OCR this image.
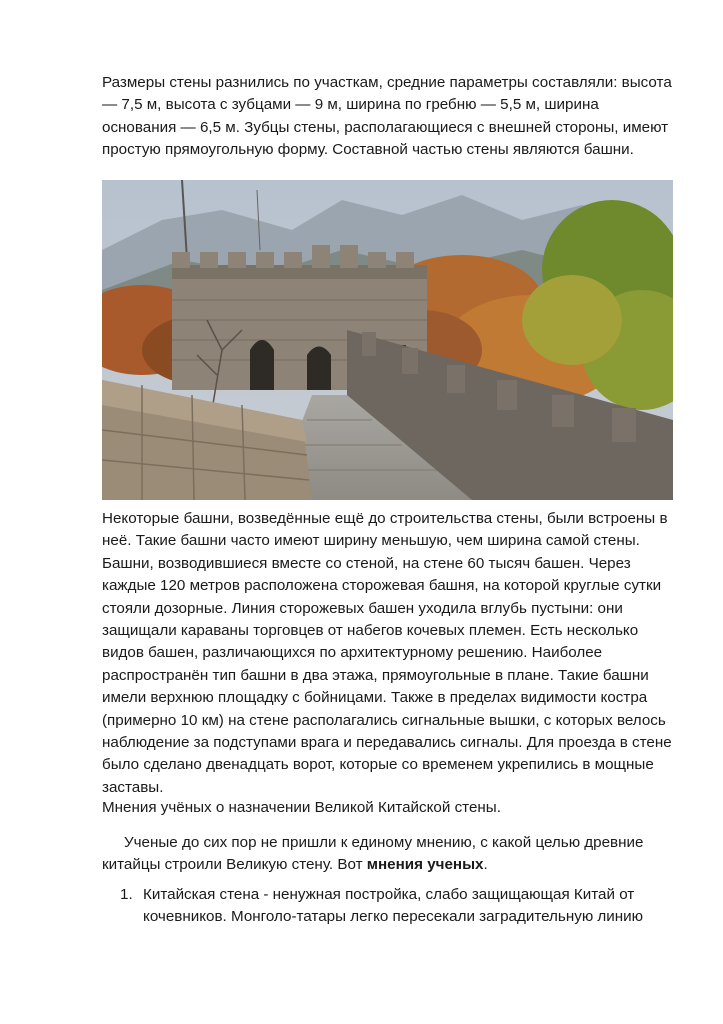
Размеры стены разнились по участкам, средние параметры составляли: высота — 7,5 м, высота с зубцами — 9 м, ширина по гребню — 5,5 м, ширина основания — 6,5 м. Зубцы стены, располагающиеся с внешней стороны, имеют простую прямоугольную форму. Составной частью стены являются башни.

Некоторые башни, возведённые ещё до строительства стены, были встроены в неё. Такие башни часто имеют ширину меньшую, чем ширина самой стены. Башни, возводившиеся вместе со стеной, на стене 60 тысяч башен. Через каждые 120 метров расположена сторожевая башня, на которой круглые сутки стояли дозорные. Линия сторожевых башен уходила вглубь пустыни: они защищали караваны торговцев от набегов кочевых племен. Есть несколько видов башен, различающихся по архитектурному решению. Наиболее распространён тип башни в два этажа, прямоугольные в плане. Такие башни имели верхнюю площадку с бойницами. Также в пределах видимости костра (примерно 10 км) на стене располагались сигнальные вышки, с которых велось наблюдение за подступами врага и передавались сигналы. Для проезда в стене было сделано двенадцать ворот, которые со временем укрепились в мощные заставы.

Мнения учёных о назначении Великой Китайской стены.

Ученые до сих пор не пришли к единому мнению, с какой целью древние китайцы строили Великую стену. Вот мнения ученых.

1. Китайская стена - ненужная постройка, слабо защищающая Китай от кочевников. Монголо-татары легко пересекали заградительную линию
